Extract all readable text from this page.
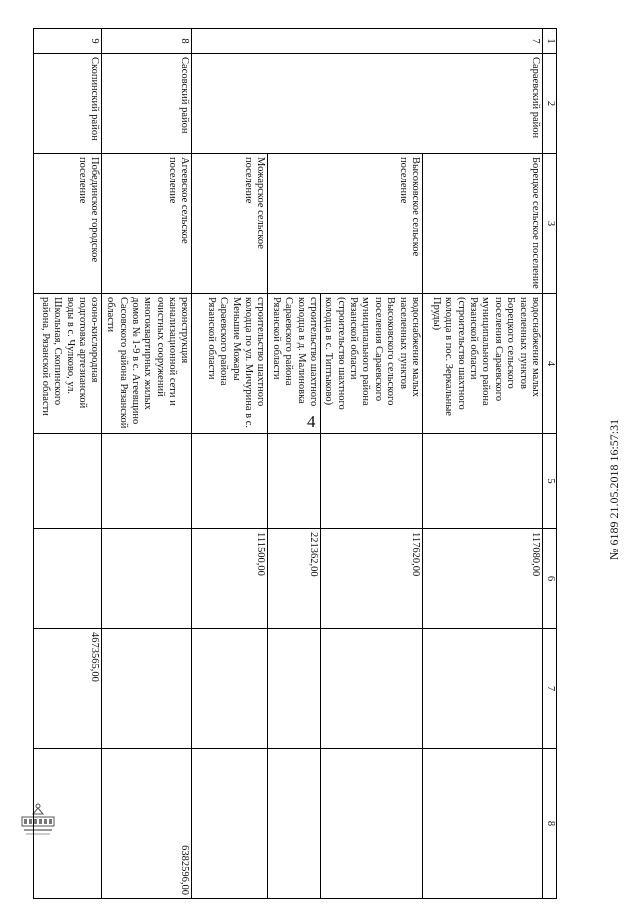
4	№ 6189 21.05.2018 16:57:31
1	2	3	4	5	6	7	8
7	Сараевский район	Борецкое сельское поселение	водоснабжение малых населенных пунктов Борецкого сельского поселения Сараевского муниципального района Рязанской области (строительство шахтного колодца в пос. Зеркальные Пруды)		117080,00		
		Высоковское сельское поселение	водоснабжение малых населенных пунктов Высоковского сельского поселения Сараевского муниципального района Рязанской области (строительство шахтного колодца в с. Типтыково)		117620,00		
			строительство шахтного колодца в д. Малиновка Сараевского района Рязанской области		221362,00		
		Можарское сельское поселение	строительство шахтного колодца по ул. Мичурина в с. Меньшие Можары Сараевского района Рязанской области		111500,00		
8	Сасовский район	Агеевское сельское поселение	реконструкция канализационной сети и очистных сооружений многоквартирных жилых домов № 1-9 в с. Агеевщино Сасовского района Рязанской области				6382596,00
9	Скопинский район	Побединское городское поселение	озоно-кислородная подготовка артезианской воды в с. Чулково, ул. Школьная, Скопинского района, Рязанской области			4673565,00	
